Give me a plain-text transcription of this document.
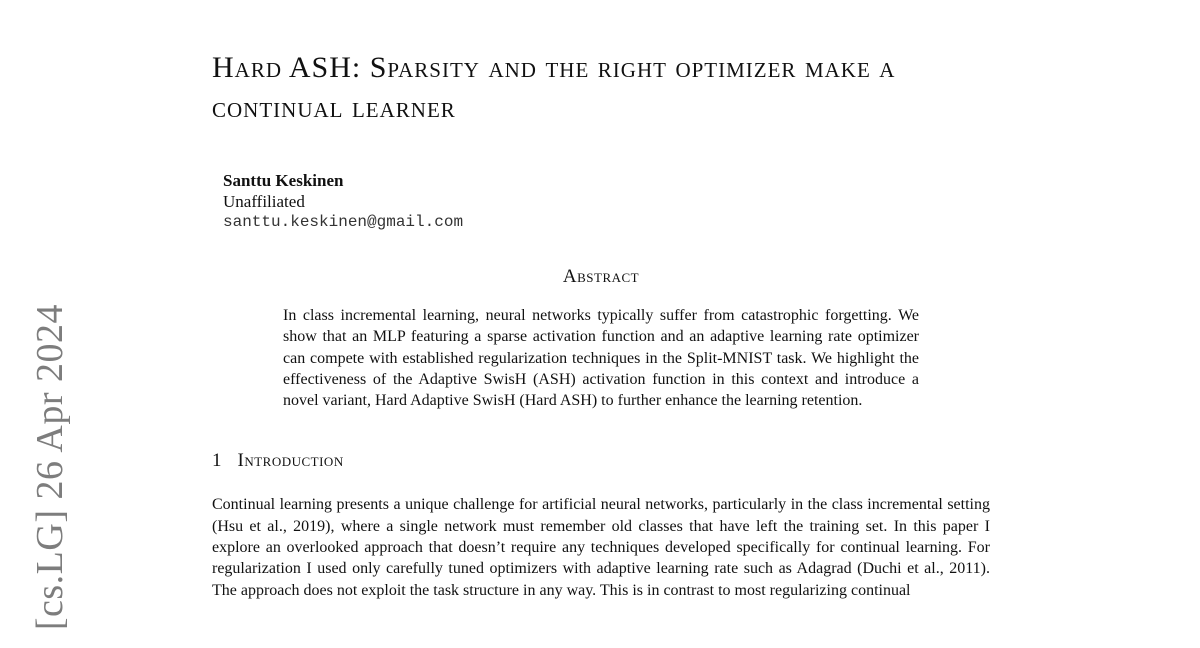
[cs.LG] 26 Apr 2024
Hard ASH: Sparsity and the right optimizer make a continual learner
Santtu Keskinen
Unaffiliated
santtu.keskinen@gmail.com
Abstract

In class incremental learning, neural networks typically suffer from catastrophic forgetting. We show that an MLP featuring a sparse activation function and an adaptive learning rate optimizer can compete with established regularization techniques in the Split-MNIST task. We highlight the effectiveness of the Adaptive SwisH (ASH) activation function in this context and introduce a novel variant, Hard Adaptive SwisH (Hard ASH) to further enhance the learning retention.

1 Introduction

Continual learning presents a unique challenge for artificial neural networks, particularly in the class incremental setting (Hsu et al., 2019), where a single network must remember old classes that have left the training set. In this paper I explore an overlooked approach that doesn’t require any techniques developed specifically for continual learning. For regularization I used only carefully tuned optimizers with adaptive learning rate such as Adagrad (Duchi et al., 2011). The approach does not exploit the task structure in any way. This is in contrast to most regularizing continual
